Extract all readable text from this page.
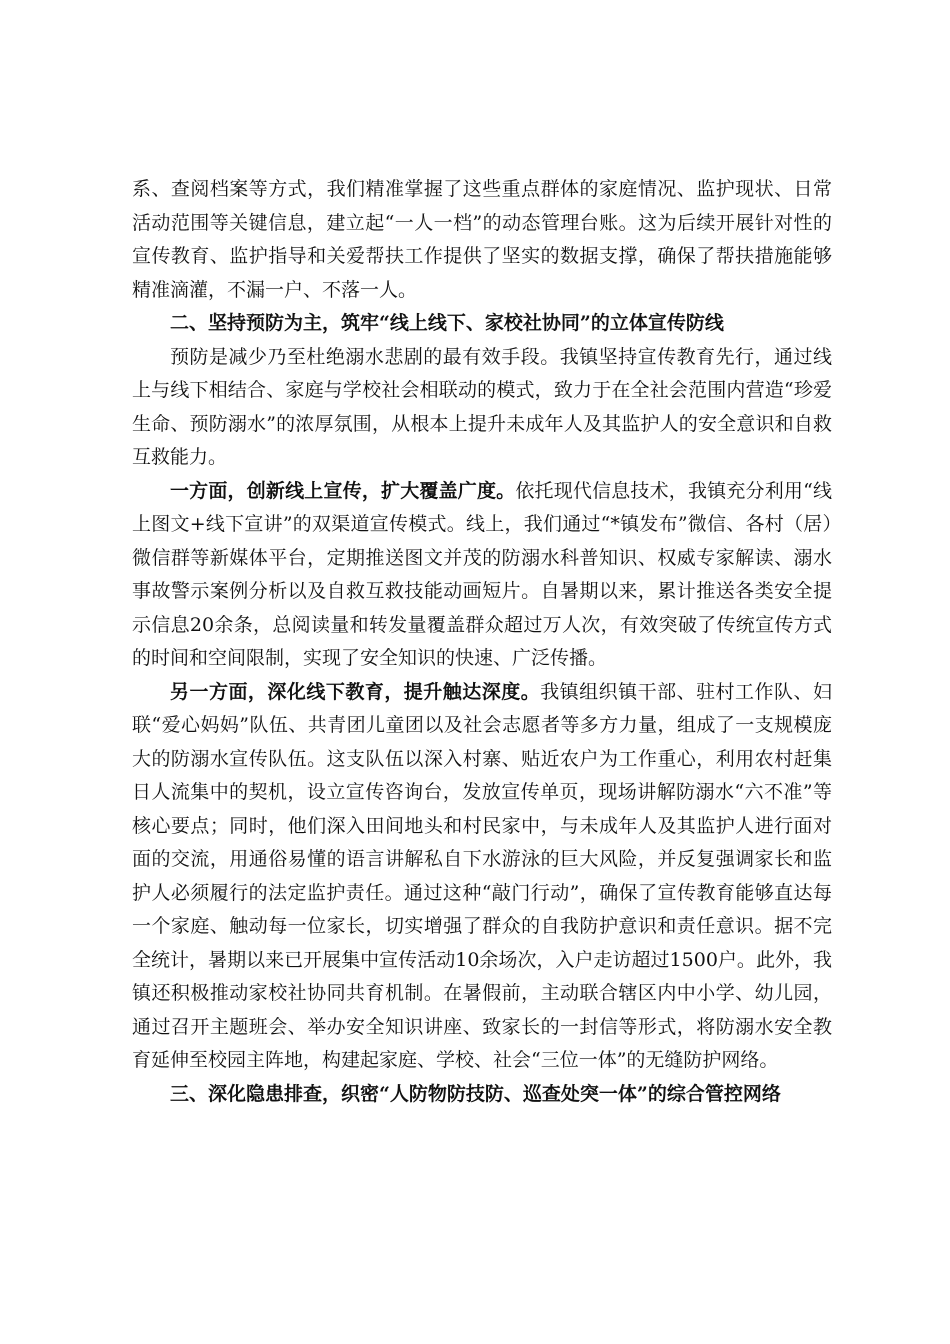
系、查阅档案等方式，我们精准掌握了这些重点群体的家庭情况、监护现状、日常活动范围等关键信息，建立起“一人一档”的动态管理台账。这为后续开展针对性的宣传教育、监护指导和关爱帮扶工作提供了坚实的数据支撑，确保了帮扶措施能够精准滴灌，不漏一户、不落一人。

二、坚持预防为主，筑牢“线上线下、家校社协同”的立体宣传防线

预防是减少乃至杜绝溺水悲剧的最有效手段。我镇坚持宣传教育先行，通过线上与线下相结合、家庭与学校社会相联动的模式，致力于在全社会范围内营造“珍爱生命、预防溺水”的浓厚氛围，从根本上提升未成年人及其监护人的安全意识和自救互救能力。

一方面，创新线上宣传，扩大覆盖广度。依托现代信息技术，我镇充分利用“线上图文+线下宣讲”的双渠道宣传模式。线上，我们通过“*镇发布”微信、各村（居）微信群等新媒体平台，定期推送图文并茂的防溺水科普知识、权威专家解读、溺水事故警示案例分析以及自救互救技能动画短片。自暑期以来，累计推送各类安全提示信息20余条，总阅读量和转发量覆盖群众超过万人次，有效突破了传统宣传方式的时间和空间限制，实现了安全知识的快速、广泛传播。

另一方面，深化线下教育，提升触达深度。我镇组织镇干部、驻村工作队、妇联“爱心妈妈”队伍、共青团儿童团以及社会志愿者等多方力量，组成了一支规模庞大的防溺水宣传队伍。这支队伍以深入村寨、贴近农户为工作重心，利用农村赶集日人流集中的契机，设立宣传咨询台，发放宣传单页，现场讲解防溺水“六不准”等核心要点；同时，他们深入田间地头和村民家中，与未成年人及其监护人进行面对面的交流，用通俗易懂的语言讲解私自下水游泳的巨大风险，并反复强调家长和监护人必须履行的法定监护责任。通过这种“敲门行动”，确保了宣传教育能够直达每一个家庭、触动每一位家长，切实增强了群众的自我防护意识和责任意识。据不完全统计，暑期以来已开展集中宣传活动10余场次，入户走访超过1500户。此外，我镇还积极推动家校社协同共育机制。在暑假前，主动联合辖区内中小学、幼儿园，通过召开主题班会、举办安全知识讲座、致家长的一封信等形式，将防溺水安全教育延伸至校园主阵地，构建起家庭、学校、社会“三位一体”的无缝防护网络。

三、深化隐患排查，织密“人防物防技防、巡查处突一体”的综合管控网络
